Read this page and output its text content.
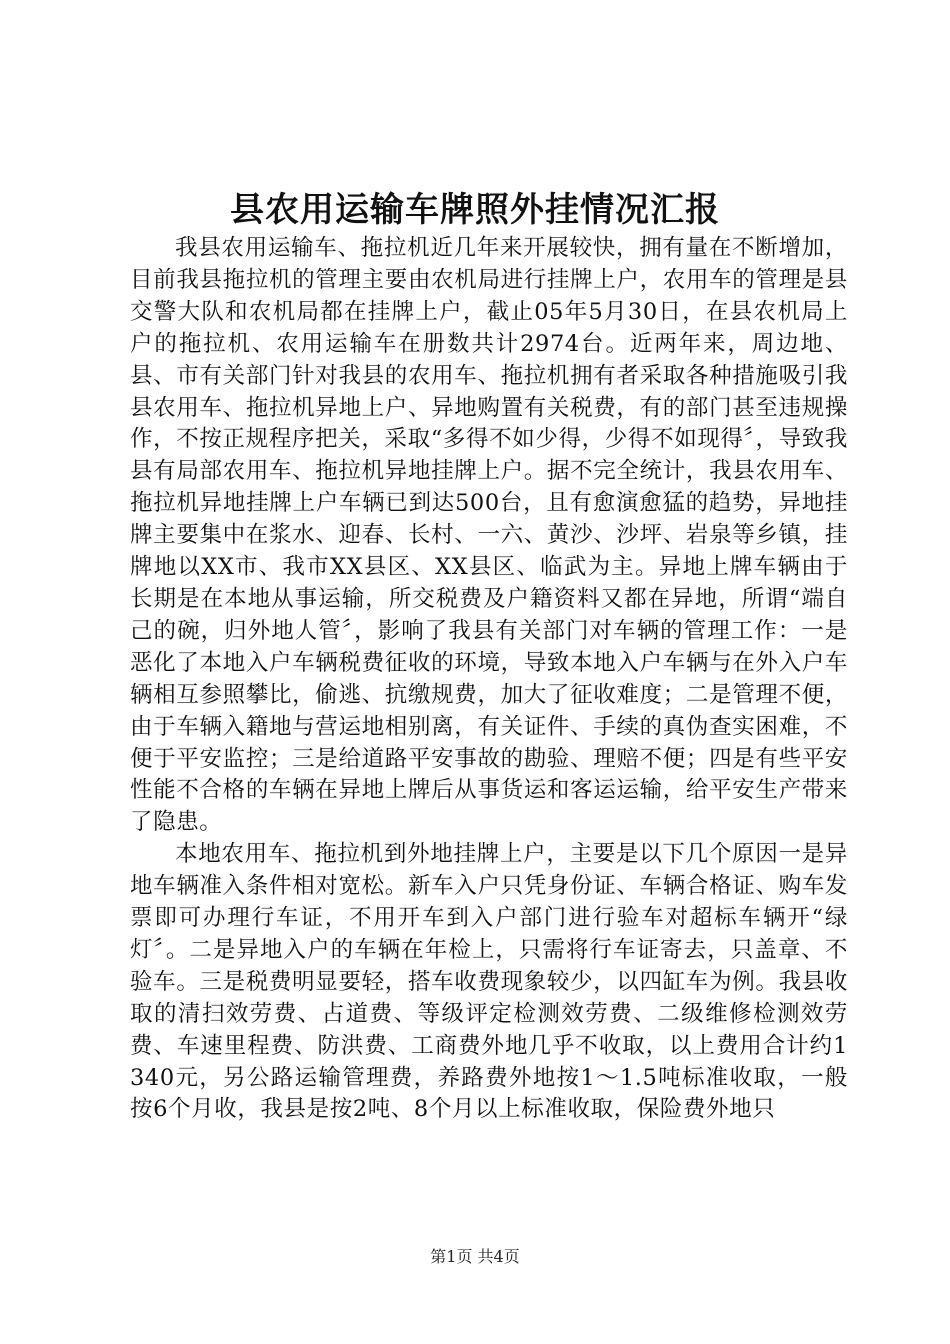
县农用运输车牌照外挂情况汇报

我县农用运输车、拖拉机近几年来开展较快，拥有量在不断增加，目前我县拖拉机的管理主要由农机局进行挂牌上户，农用车的管理是县交警大队和农机局都在挂牌上户，截止05年5月30日，在县农机局上户的拖拉机、农用运输车在册数共计2974台。近两年来，周边地、县、市有关部门针对我县的农用车、拖拉机拥有者采取各种措施吸引我县农用车、拖拉机异地上户、异地购置有关税费，有的部门甚至违规操作，不按正规程序把关，采取“多得不如少得，少得不如现得〞，导致我县有局部农用车、拖拉机异地挂牌上户。据不完全统计，我县农用车、拖拉机异地挂牌上户车辆已到达500台，且有愈演愈猛的趋势，异地挂牌主要集中在浆水、迎春、长村、一六、黄沙、沙坪、岩泉等乡镇，挂牌地以XX市、我市XX县区、XX县区、临武为主。异地上牌车辆由于长期是在本地从事运输，所交税费及户籍资料又都在异地，所谓“端自己的碗，归外地人管〞，影响了我县有关部门对车辆的管理工作：一是恶化了本地入户车辆税费征收的环境，导致本地入户车辆与在外入户车辆相互参照攀比，偷逃、抗缴规费，加大了征收难度；二是管理不便，由于车辆入籍地与营运地相别离，有关证件、手续的真伪查实困难，不便于平安监控；三是给道路平安事故的勘验、理赔不便；四是有些平安性能不合格的车辆在异地上牌后从事货运和客运运输，给平安生产带来了隐患。

本地农用车、拖拉机到外地挂牌上户，主要是以下几个原因一是异地车辆准入条件相对宽松。新车入户只凭身份证、车辆合格证、购车发票即可办理行车证，不用开车到入户部门进行验车对超标车辆开“绿灯〞。二是异地入户的车辆在年检上，只需将行车证寄去，只盖章、不验车。三是税费明显要轻，搭车收费现象较少，以四缸车为例。我县收取的清扫效劳费、占道费、等级评定检测效劳费、二级维修检测效劳费、车速里程费、防洪费、工商费外地几乎不收取，以上费用合计约1340元，另公路运输管理费，养路费外地按1～1.5吨标准收取，一般按6个月收，我县是按2吨、8个月以上标准收取，保险费外地只

第1页 共4页
